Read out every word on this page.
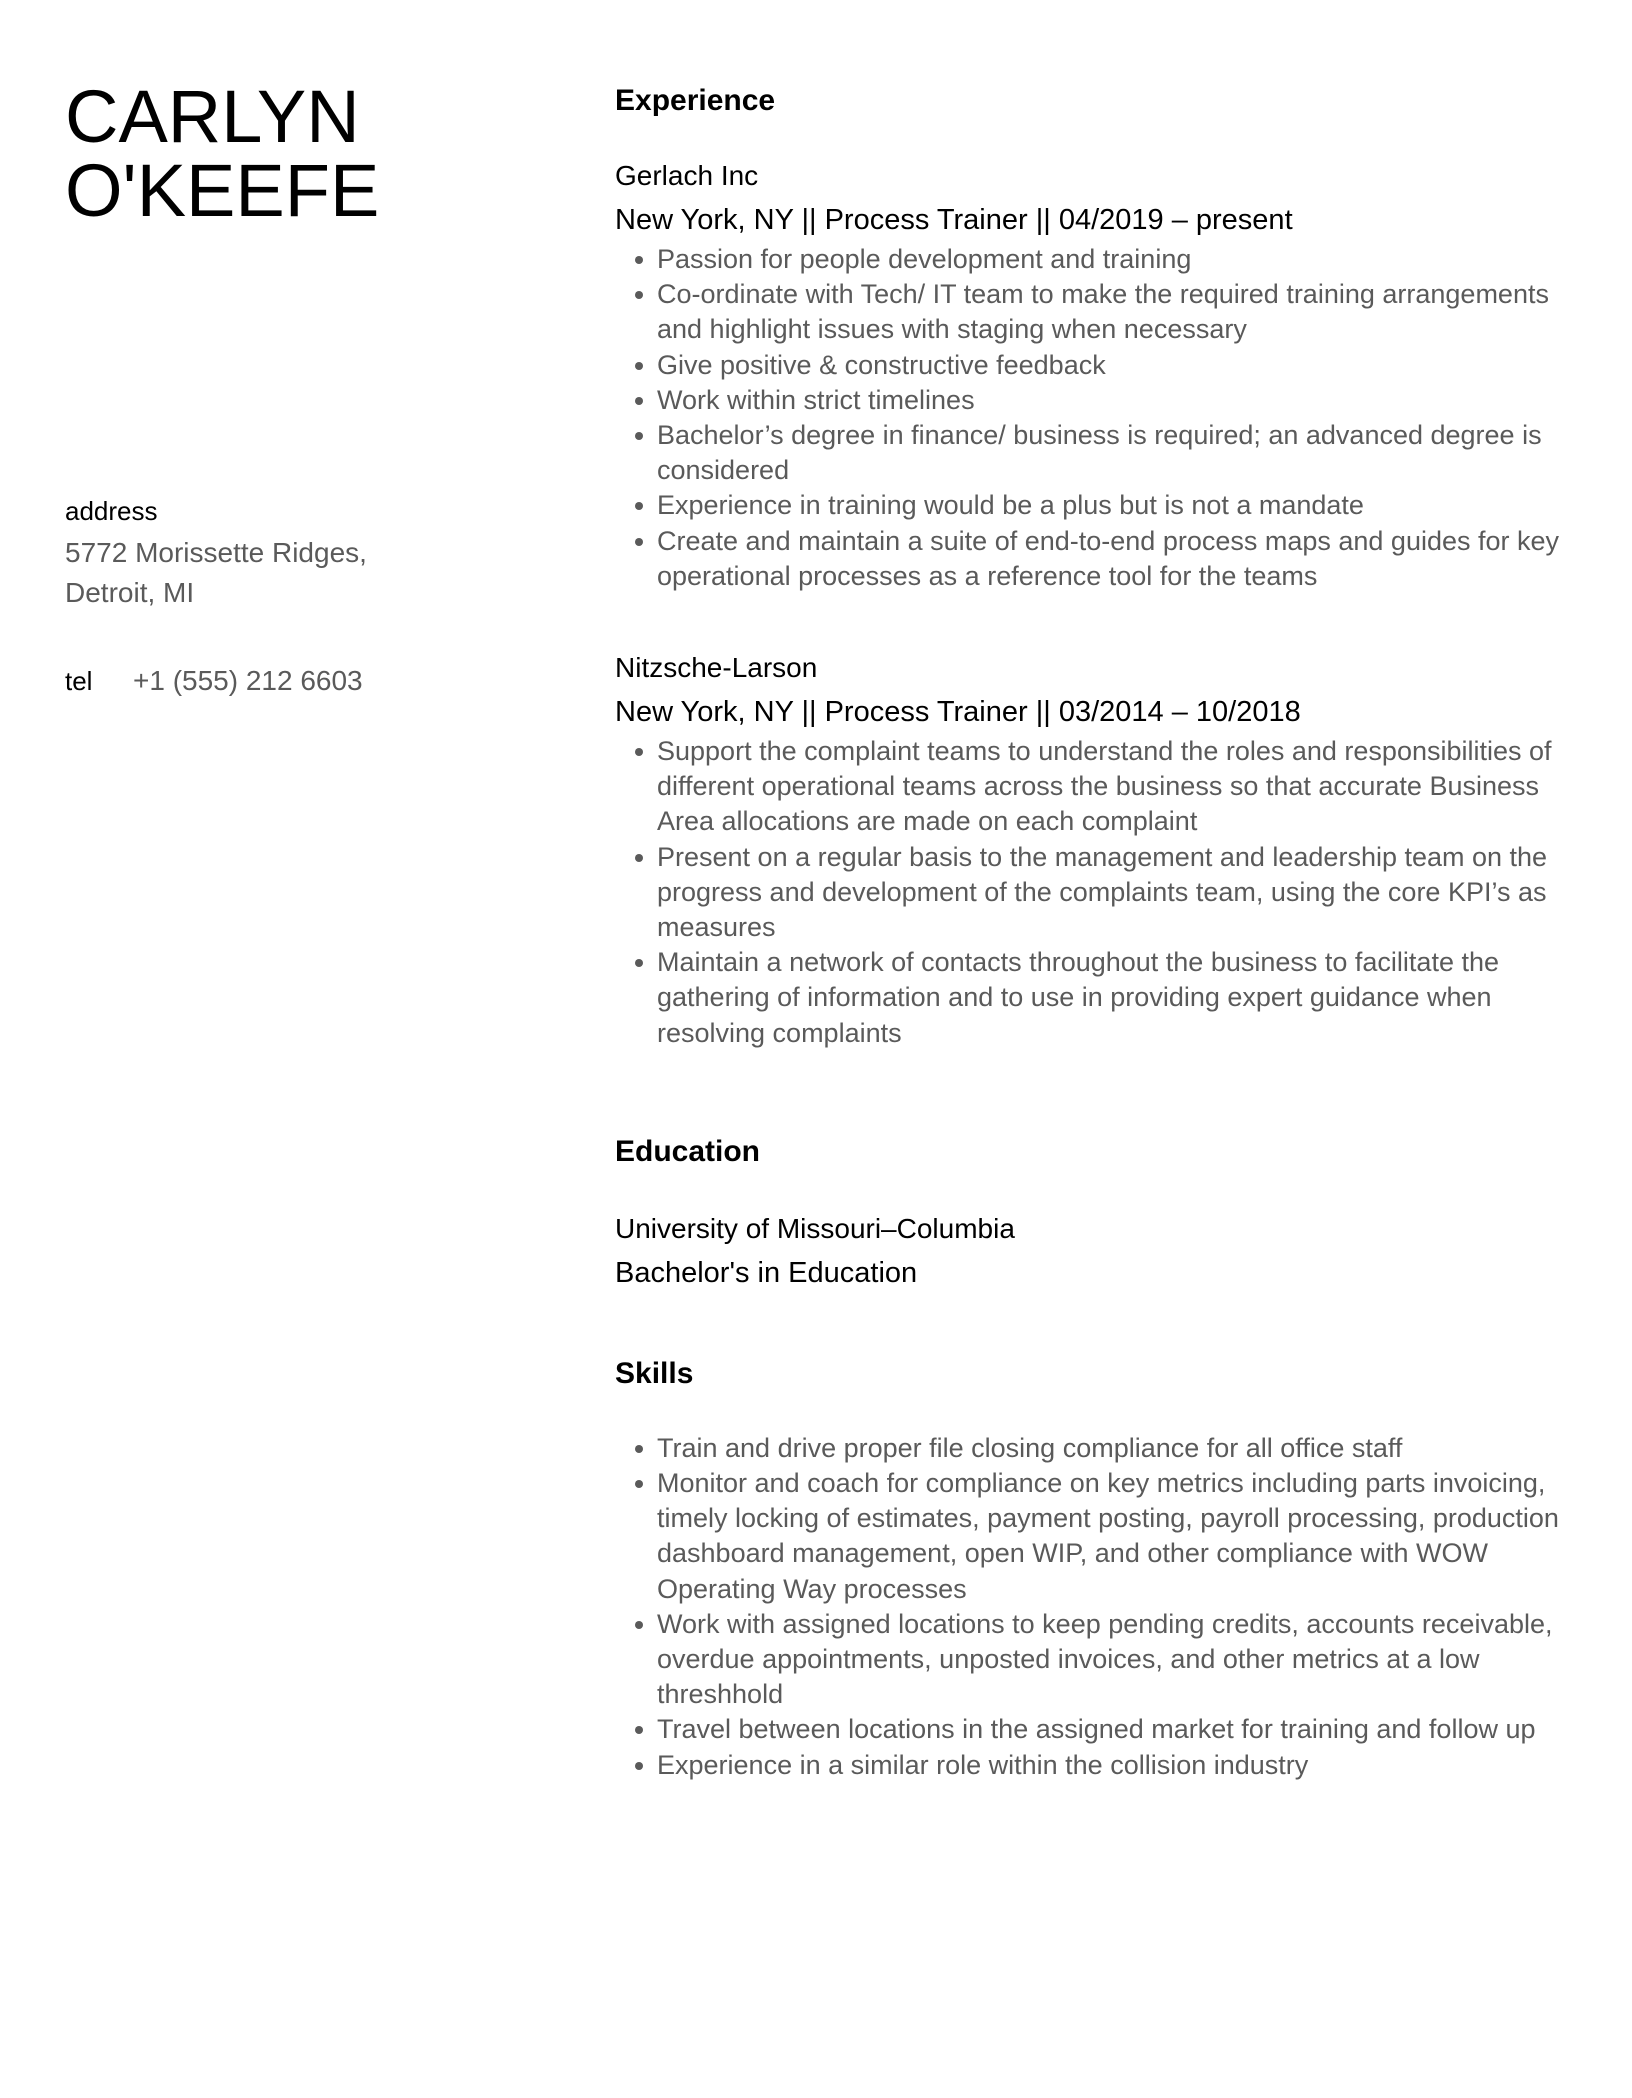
CARLYN
O'KEEFE
address
5772 Morissette Ridges,
Detroit, MI
tel	+1 (555) 212 6603
Experience
Gerlach Inc
New York, NY || Process Trainer || 04/2019 – present
Passion for people development and training
Co-ordinate with Tech/ IT team to make the required training arrangements and highlight issues with staging when necessary
Give positive & constructive feedback
Work within strict timelines
Bachelor’s degree in finance/ business is required; an advanced degree is considered
Experience in training would be a plus but is not a mandate
Create and maintain a suite of end-to-end process maps and guides for key operational processes as a reference tool for the teams
Nitzsche-Larson
New York, NY || Process Trainer || 03/2014 – 10/2018
Support the complaint teams to understand the roles and responsibilities of different operational teams across the business so that accurate Business Area allocations are made on each complaint
Present on a regular basis to the management and leadership team on the progress and development of the complaints team, using the core KPI’s as measures
Maintain a network of contacts throughout the business to facilitate the gathering of information and to use in providing expert guidance when resolving complaints
Education
University of Missouri–Columbia
Bachelor's in Education
Skills
Train and drive proper file closing compliance for all office staff
Monitor and coach for compliance on key metrics including parts invoicing, timely locking of estimates, payment posting, payroll processing, production dashboard management, open WIP, and other compliance with WOW Operating Way processes
Work with assigned locations to keep pending credits, accounts receivable, overdue appointments, unposted invoices, and other metrics at a low threshhold
Travel between locations in the assigned market for training and follow up
Experience in a similar role within the collision industry
